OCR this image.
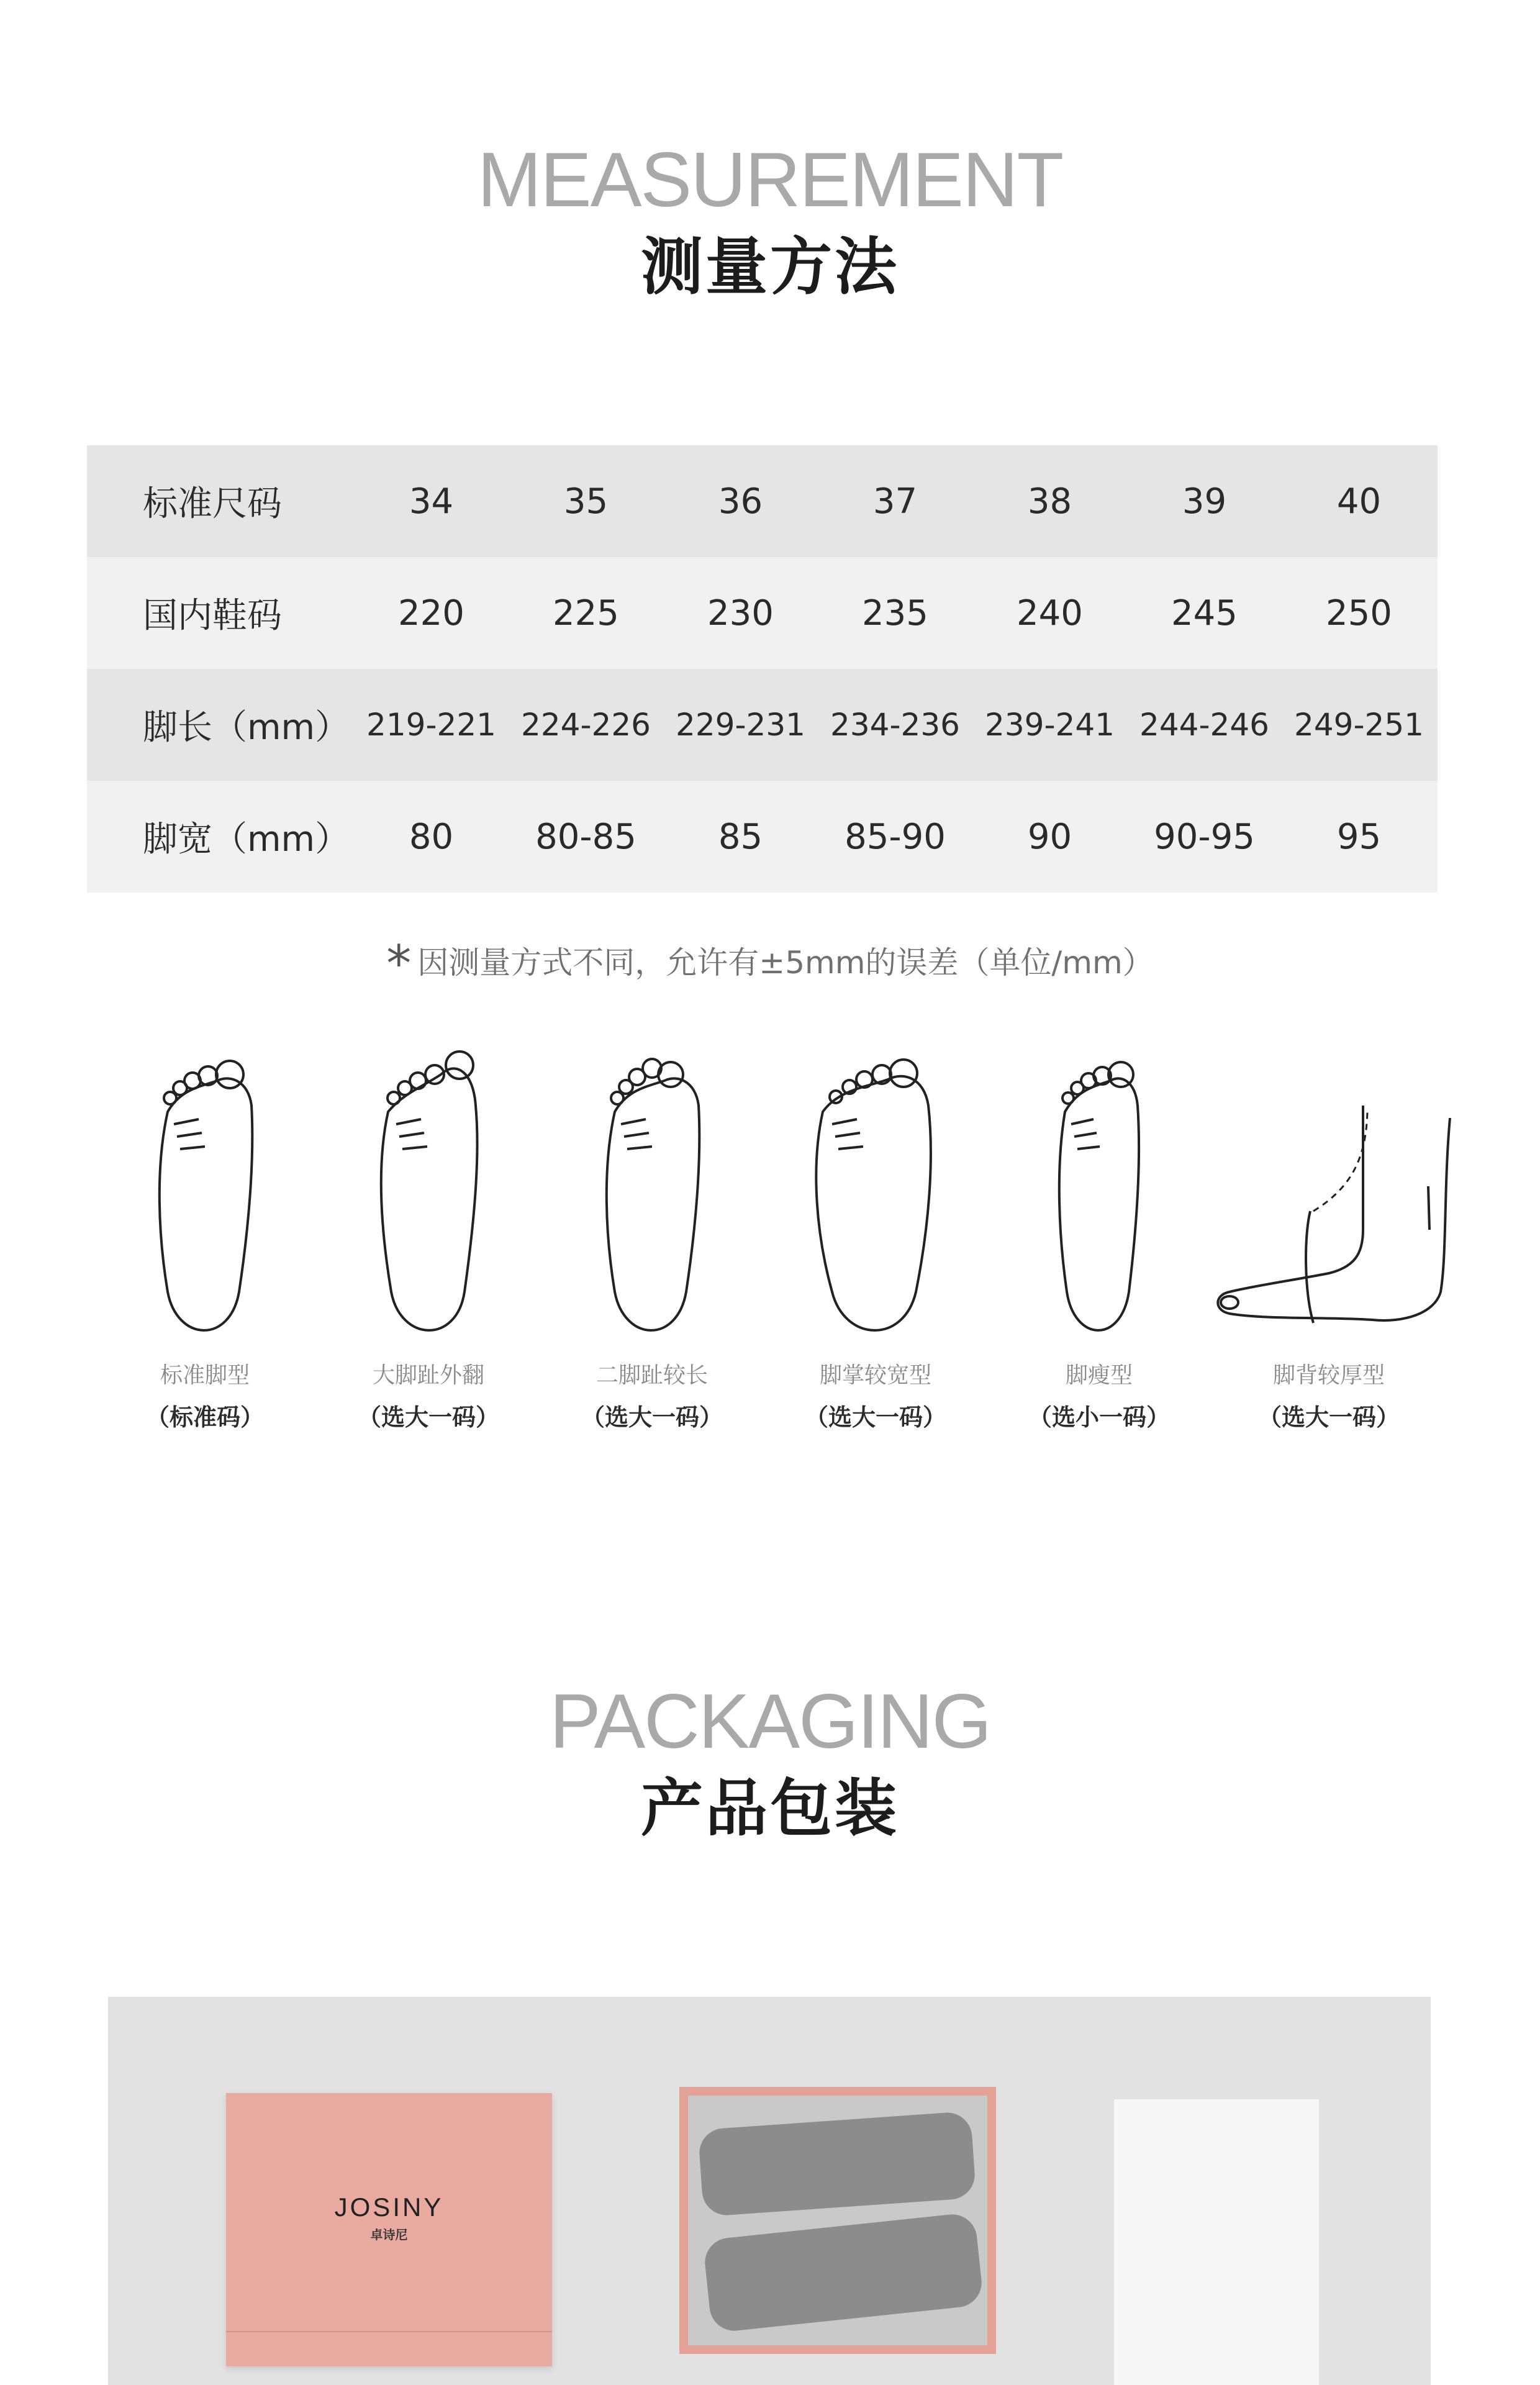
MEASUREMENT
测量方法
标准尺码	34	35	36	37	38	39	40
国内鞋码	220	225	230	235	240	245	250
脚长（mm） 219-221 224-226 229-231 234-236 239-241 244-246 249-251
脚宽（mm）	80	80-85	85	85-90	90	90-95	95
* 因测量方式不同，允许有±5mm的误差（单位/mm）
标准脚型
（标准码）
大脚趾外翻
（选大一码）
二脚趾较长
（选大一码）
脚掌较宽型
（选大一码）
脚瘦型
（选小一码）
脚背较厚型
（选大一码）
PACKAGING
产品包装
JOSINY
卓诗尼
